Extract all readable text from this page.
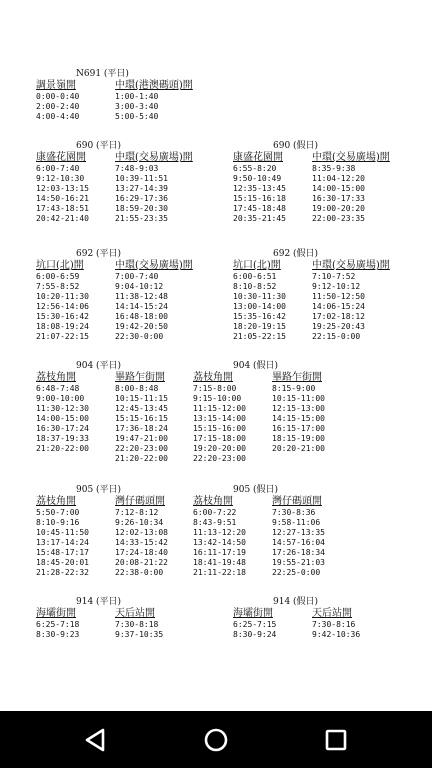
N691 (平日)
調景嶺開
0:00-0:40
2:00-2:40
4:00-4:40
中環(港澳碼頭)開
1:00-1:40
3:00-3:40
5:00-5:40
690 (平日)
康盛花園開
6:00-7:40
9:12-10:30
12:03-13:15
14:50-16:21
17:43-18:51
20:42-21:40
中環(交易廣場)開
7:48-9:03
10:39-11:51
13:27-14:39
16:29-17:36
18:59-20:30
21:55-23:35
690 (假日)
康盛花園開
6:55-8:20
9:50-10:49
12:35-13:45
15:15-16:18
17:45-18:48
20:35-21:45
中環(交易廣場)開
8:35-9:38
11:04-12:20
14:00-15:00
16:30-17:33
19:00-20:20
22:00-23:35
692 (平日)
坑口(北)開
6:00-6:59
7:55-8:52
10:20-11:30
12:56-14:06
15:30-16:42
18:08-19:24
21:07-22:15
中環(交易廣場)開
7:00-7:40
9:04-10:12
11:38-12:48
14:14-15:24
16:48-18:00
19:42-20:50
22:30-0:00
692 (假日)
坑口(北)開
6:00-6:51
8:10-8:52
10:30-11:30
13:00-14:00
15:35-16:42
18:20-19:15
21:05-22:15
中環(交易廣場)開
7:10-7:52
9:12-10:12
11:50-12:50
14:06-15:24
17:02-18:12
19:25-20:43
22:15-0:00
904 (平日)
荔枝角開
6:48-7:48
9:00-10:00
11:30-12:30
14:00-15:00
16:30-17:24
18:37-19:33
21:20-22:00
畢路乍街開
8:00-8:48
10:15-11:15
12:45-13:45
15:15-16:15
17:36-18:24
19:47-21:00
22:20-23:00
21:20-22:00
904 (假日)
荔枝角開
7:15-8:00
9:15-10:00
11:15-12:00
13:15-14:00
15:15-16:00
17:15-18:00
19:20-20:00
22:20-23:00
畢路乍街開
8:15-9:00
10:15-11:00
12:15-13:00
14:15-15:00
16:15-17:00
18:15-19:00
20:20-21:00
905 (平日)
荔枝角開
5:50-7:00
8:10-9:16
10:45-11:50
13:17-14:24
15:48-17:17
18:45-20:01
21:28-22:32
灣仔碼頭開
7:12-8:12
9:26-10:34
12:02-13:08
14:33-15:42
17:24-18:40
20:08-21:22
22:38-0:00
905 (假日)
荔枝角開
6:00-7:22
8:43-9:51
11:13-12:20
13:42-14:50
16:11-17:19
18:41-19:48
21:11-22:18
灣仔碼頭開
7:30-8:36
9:58-11:06
12:27-13:35
14:57-16:04
17:26-18:34
19:55-21:03
22:25-0:00
914 (平日)
海壩街開
6:25-7:18
8:30-9:23
天后站開
7:30-8:18
9:37-10:35
914 (假日)
海壩街開
6:25-7:15
8:30-9:24
天后站開
7:30-8:16
9:42-10:36
